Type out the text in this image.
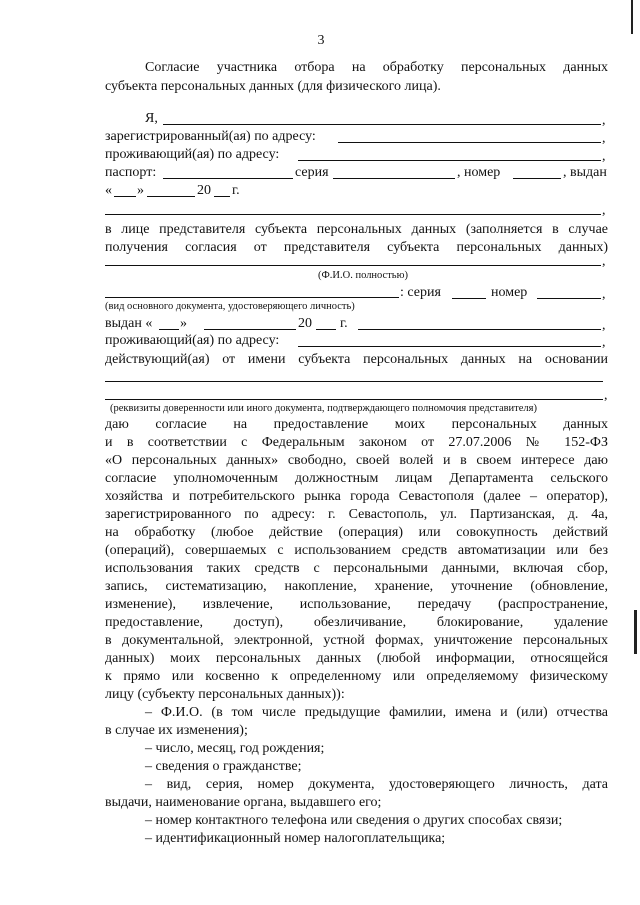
3
Согласие участника отбора на обработку персональных данных
субъекта персональных данных (для физического лица).
Я,	,
зарегистрированный(ая) по адресу:	,
проживающий(ая) по адресу:	,
паспорт:	серия	, номер	, выдан
« »	20 г.
,
в лице представителя субъекта персональных данных (заполняется в случае
получения согласия от представителя субъекта персональных данных)
,
(Ф.И.О. полностью)
: серия	номер	,
(вид основного документа, удостоверяющего личность)
выдан « »	20 г.	,
проживающий(ая) по адресу:	,
действующий(ая) от имени субъекта персональных данных на основании
,
(реквизиты доверенности или иного документа, подтверждающего полномочия представителя)
даю согласие на предоставление моих персональных данных
и в соответствии с Федеральным законом от 27.07.2006 № 152-ФЗ
«О персональных данных» свободно, своей волей и в своем интересе даю
согласие уполномоченным должностным лицам Департамента сельского
хозяйства и потребительского рынка города Севастополя (далее – оператор),
зарегистрированного по адресу: г. Севастополь, ул. Партизанская, д. 4а,
на обработку (любое действие (операция) или совокупность действий
(операций), совершаемых с использованием средств автоматизации или без
использования таких средств с персональными данными, включая сбор,
запись, систематизацию, накопление, хранение, уточнение (обновление,
изменение), извлечение, использование, передачу (распространение,
предоставление, доступ), обезличивание, блокирование, удаление
в документальной, электронной, устной формах, уничтожение персональных
данных) моих персональных данных (любой информации, относящейся
к прямо или косвенно к определенному или определяемому физическому
лицу (субъекту персональных данных)):
– Ф.И.О. (в том числе предыдущие фамилии, имена и (или) отчества
в случае их изменения);
– число, месяц, год рождения;
– сведения о гражданстве;
– вид, серия, номер документа, удостоверяющего личность, дата
выдачи, наименование органа, выдавшего его;
– номер контактного телефона или сведения о других способах связи;
– идентификационный номер налогоплательщика;
